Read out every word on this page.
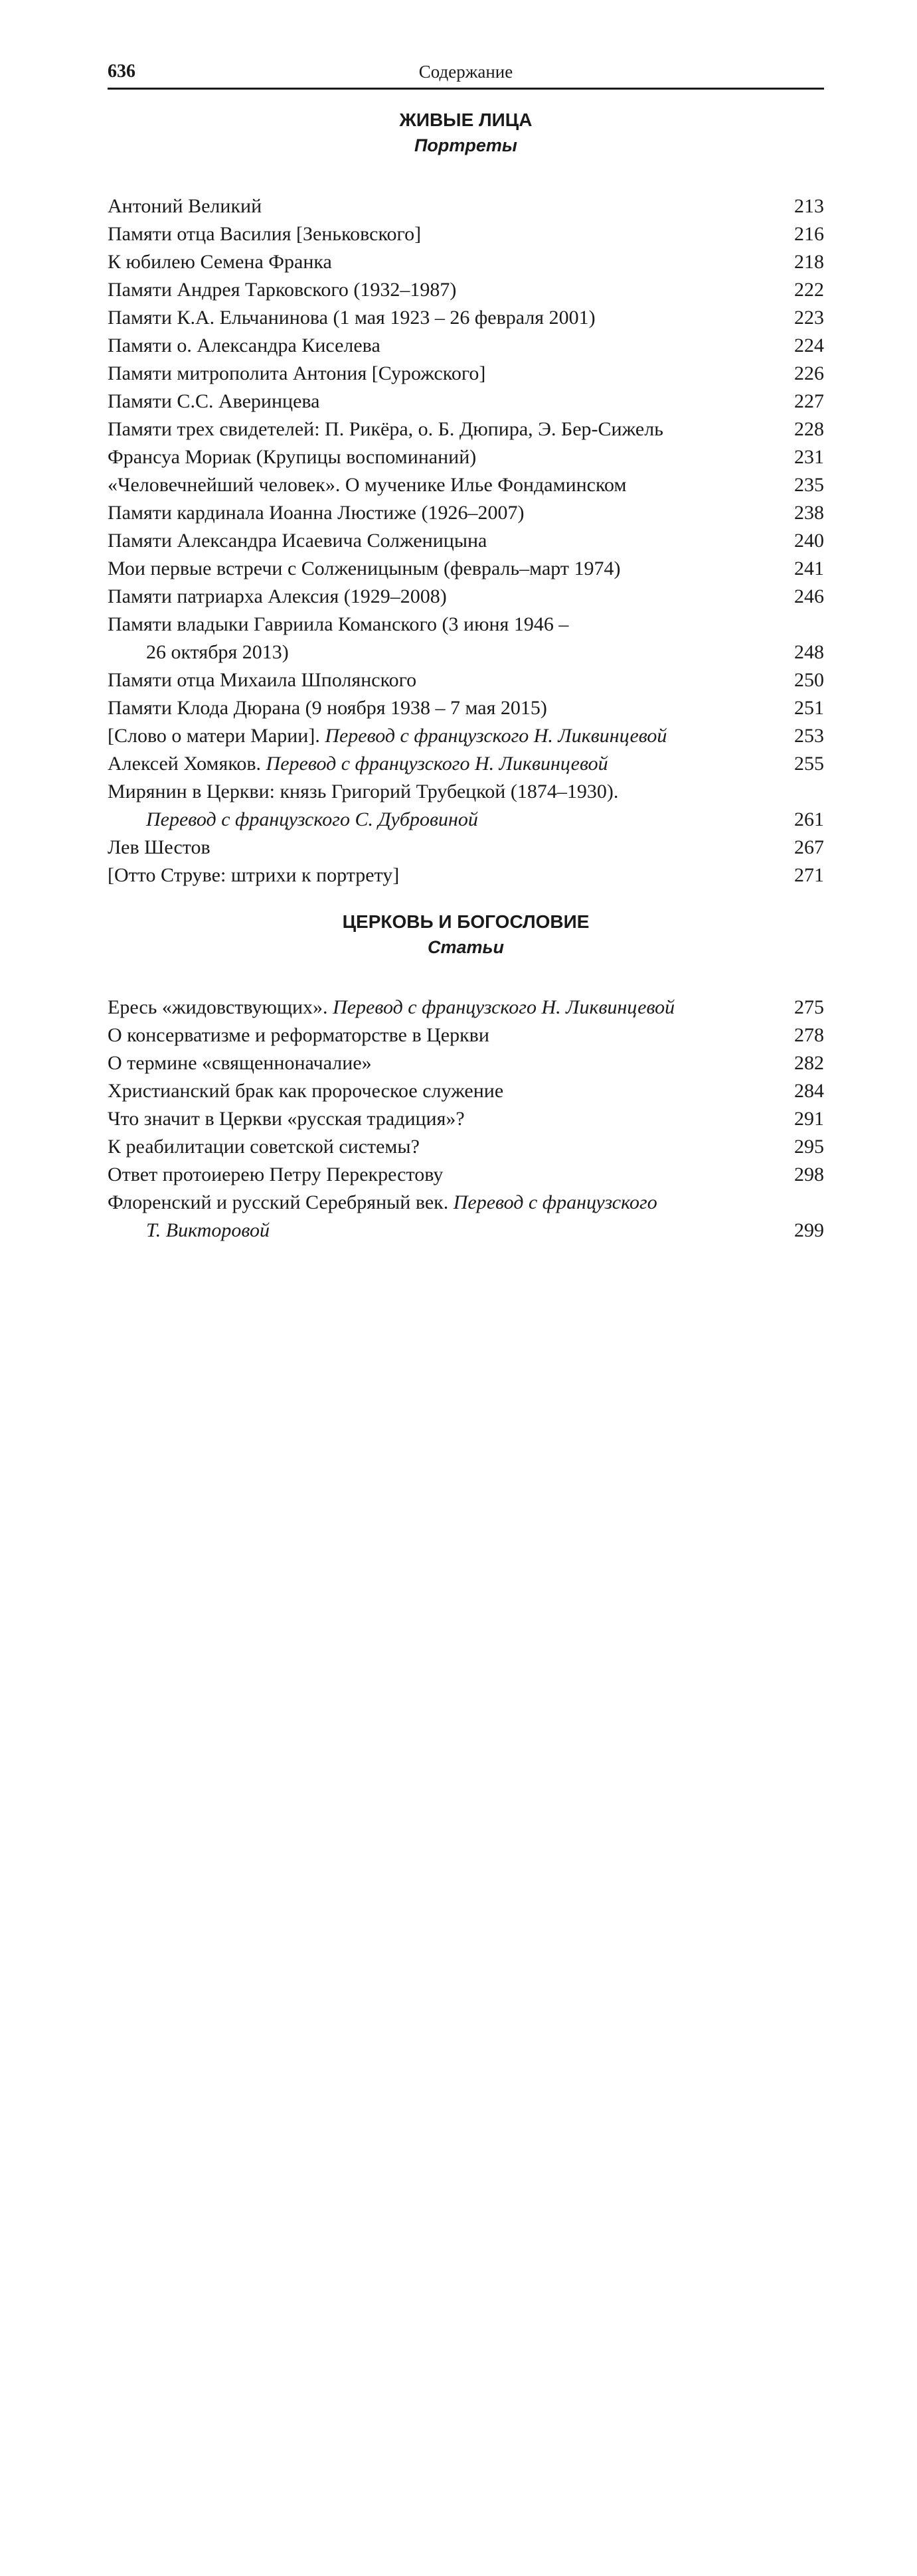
636	Содержание
ЖИВЫЕ ЛИЦА
Портреты
Антоний Великий	213
Памяти отца Василия [Зеньковского]	216
К юбилею Семена Франка	218
Памяти Андрея Тарковского (1932–1987)	222
Памяти К.А. Ельчанинова (1 мая 1923 – 26 февраля 2001)	223
Памяти о. Александра Киселева	224
Памяти митрополита Антония [Сурожского]	226
Памяти С.С. Аверинцева	227
Памяти трех свидетелей: П. Рикёра, о. Б. Дюпира, Э. Бер-Сижель	228
Франсуа Мориак (Крупицы воспоминаний)	231
«Человечнейший человек». О мученике Илье Фондаминском	235
Памяти кардинала Иоанна Люстиже (1926–2007)	238
Памяти Александра Исаевича Солженицына	240
Мои первые встречи с Солженицыным (февраль–март 1974)	241
Памяти патриарха Алексия (1929–2008)	246
Памяти владыки Гавриила Команского (3 июня 1946 –
26 октября 2013)	248
Памяти отца Михаила Шполянского	250
Памяти Клода Дюрана (9 ноября 1938 – 7 мая 2015)	251
[Слово о матери Марии]. Перевод с французского Н. Ликвинцевой	253
Алексей Хомяков. Перевод с французского Н. Ликвинцевой	255
Мирянин в Церкви: князь Григорий Трубецкой (1874–1930).
Перевод с французского С. Дубровиной	261
Лев Шестов	267
[Отто Струве: штрихи к портрету]	271
ЦЕРКОВЬ И БОГОСЛОВИЕ
Статьи
Ересь «жидовствующих». Перевод с французского Н. Ликвинцевой	275
О консерватизме и реформаторстве в Церкви	278
О термине «священноначалие»	282
Христианский брак как пророческое служение	284
Что значит в Церкви «русская традиция»?	291
К реабилитации советской системы?	295
Ответ протоиерею Петру Перекрестову	298
Флоренский и русский Серебряный век. Перевод с французского
Т. Викторовой	299
